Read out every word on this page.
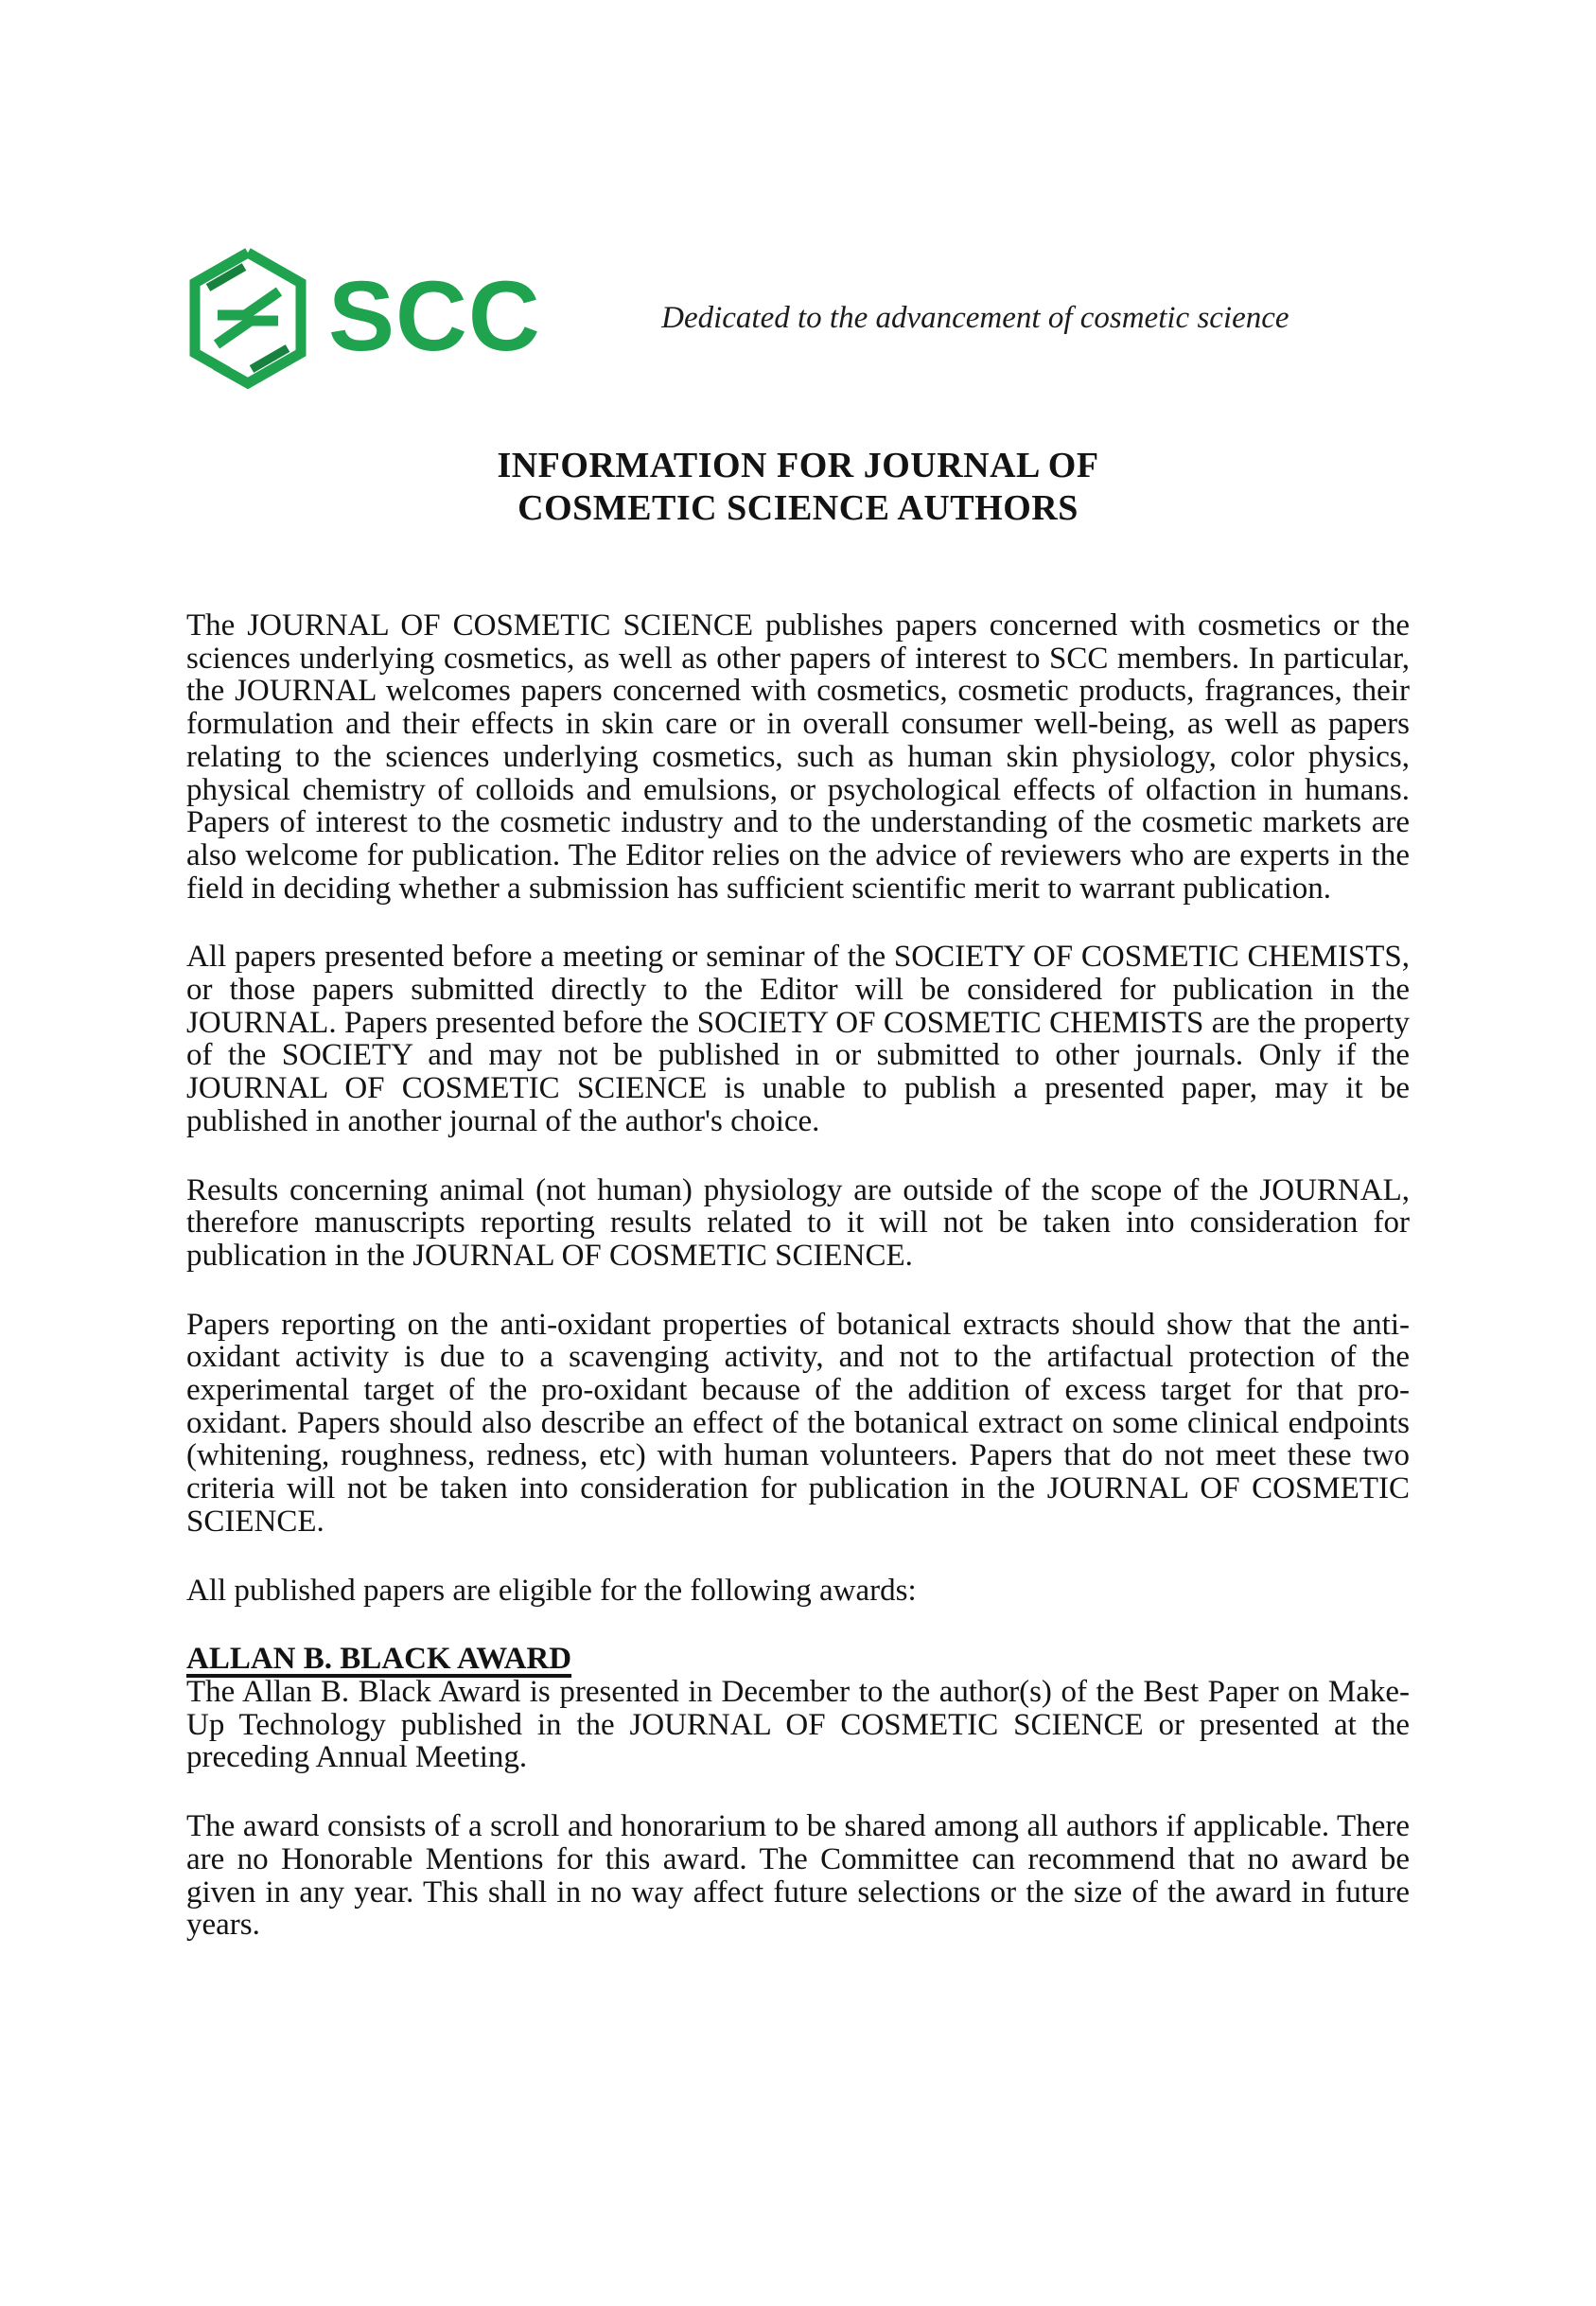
SCC	Dedicated to the advancement of cosmetic science
INFORMATION FOR JOURNAL OF
COSMETIC SCIENCE AUTHORS

The JOURNAL OF COSMETIC SCIENCE publishes papers concerned with cosmetics or the sciences underlying cosmetics, as well as other papers of interest to SCC members. In particular, the JOURNAL welcomes papers concerned with cosmetics, cosmetic products, fragrances, their formulation and their effects in skin care or in overall consumer well-being, as well as papers relating to the sciences underlying cosmetics, such as human skin physiology, color physics, physical chemistry of colloids and emulsions, or psychological effects of olfaction in humans. Papers of interest to the cosmetic industry and to the understanding of the cosmetic markets are also welcome for publication. The Editor relies on the advice of reviewers who are experts in the field in deciding whether a submission has sufficient scientific merit to warrant publication.

All papers presented before a meeting or seminar of the SOCIETY OF COSMETIC CHEMISTS, or those papers submitted directly to the Editor will be considered for publication in the JOURNAL. Papers presented before the SOCIETY OF COSMETIC CHEMISTS are the property of the SOCIETY and may not be published in or submitted to other journals. Only if the JOURNAL OF COSMETIC SCIENCE is unable to publish a presented paper, may it be published in another journal of the author's choice.

Results concerning animal (not human) physiology are outside of the scope of the JOURNAL, therefore manuscripts reporting results related to it will not be taken into consideration for publication in the JOURNAL OF COSMETIC SCIENCE.

Papers reporting on the anti-oxidant properties of botanical extracts should show that the anti-oxidant activity is due to a scavenging activity, and not to the artifactual protection of the experimental target of the pro-oxidant because of the addition of excess target for that pro-oxidant. Papers should also describe an effect of the botanical extract on some clinical endpoints (whitening, roughness, redness, etc) with human volunteers. Papers that do not meet these two criteria will not be taken into consideration for publication in the JOURNAL OF COSMETIC SCIENCE.

All published papers are eligible for the following awards:

ALLAN B. BLACK AWARD

The Allan B. Black Award is presented in December to the author(s) of the Best Paper on Make-Up Technology published in the JOURNAL OF COSMETIC SCIENCE or presented at the preceding Annual Meeting.

The award consists of a scroll and honorarium to be shared among all authors if applicable. There are no Honorable Mentions for this award. The Committee can recommend that no award be given in any year. This shall in no way affect future selections or the size of the award in future years.
